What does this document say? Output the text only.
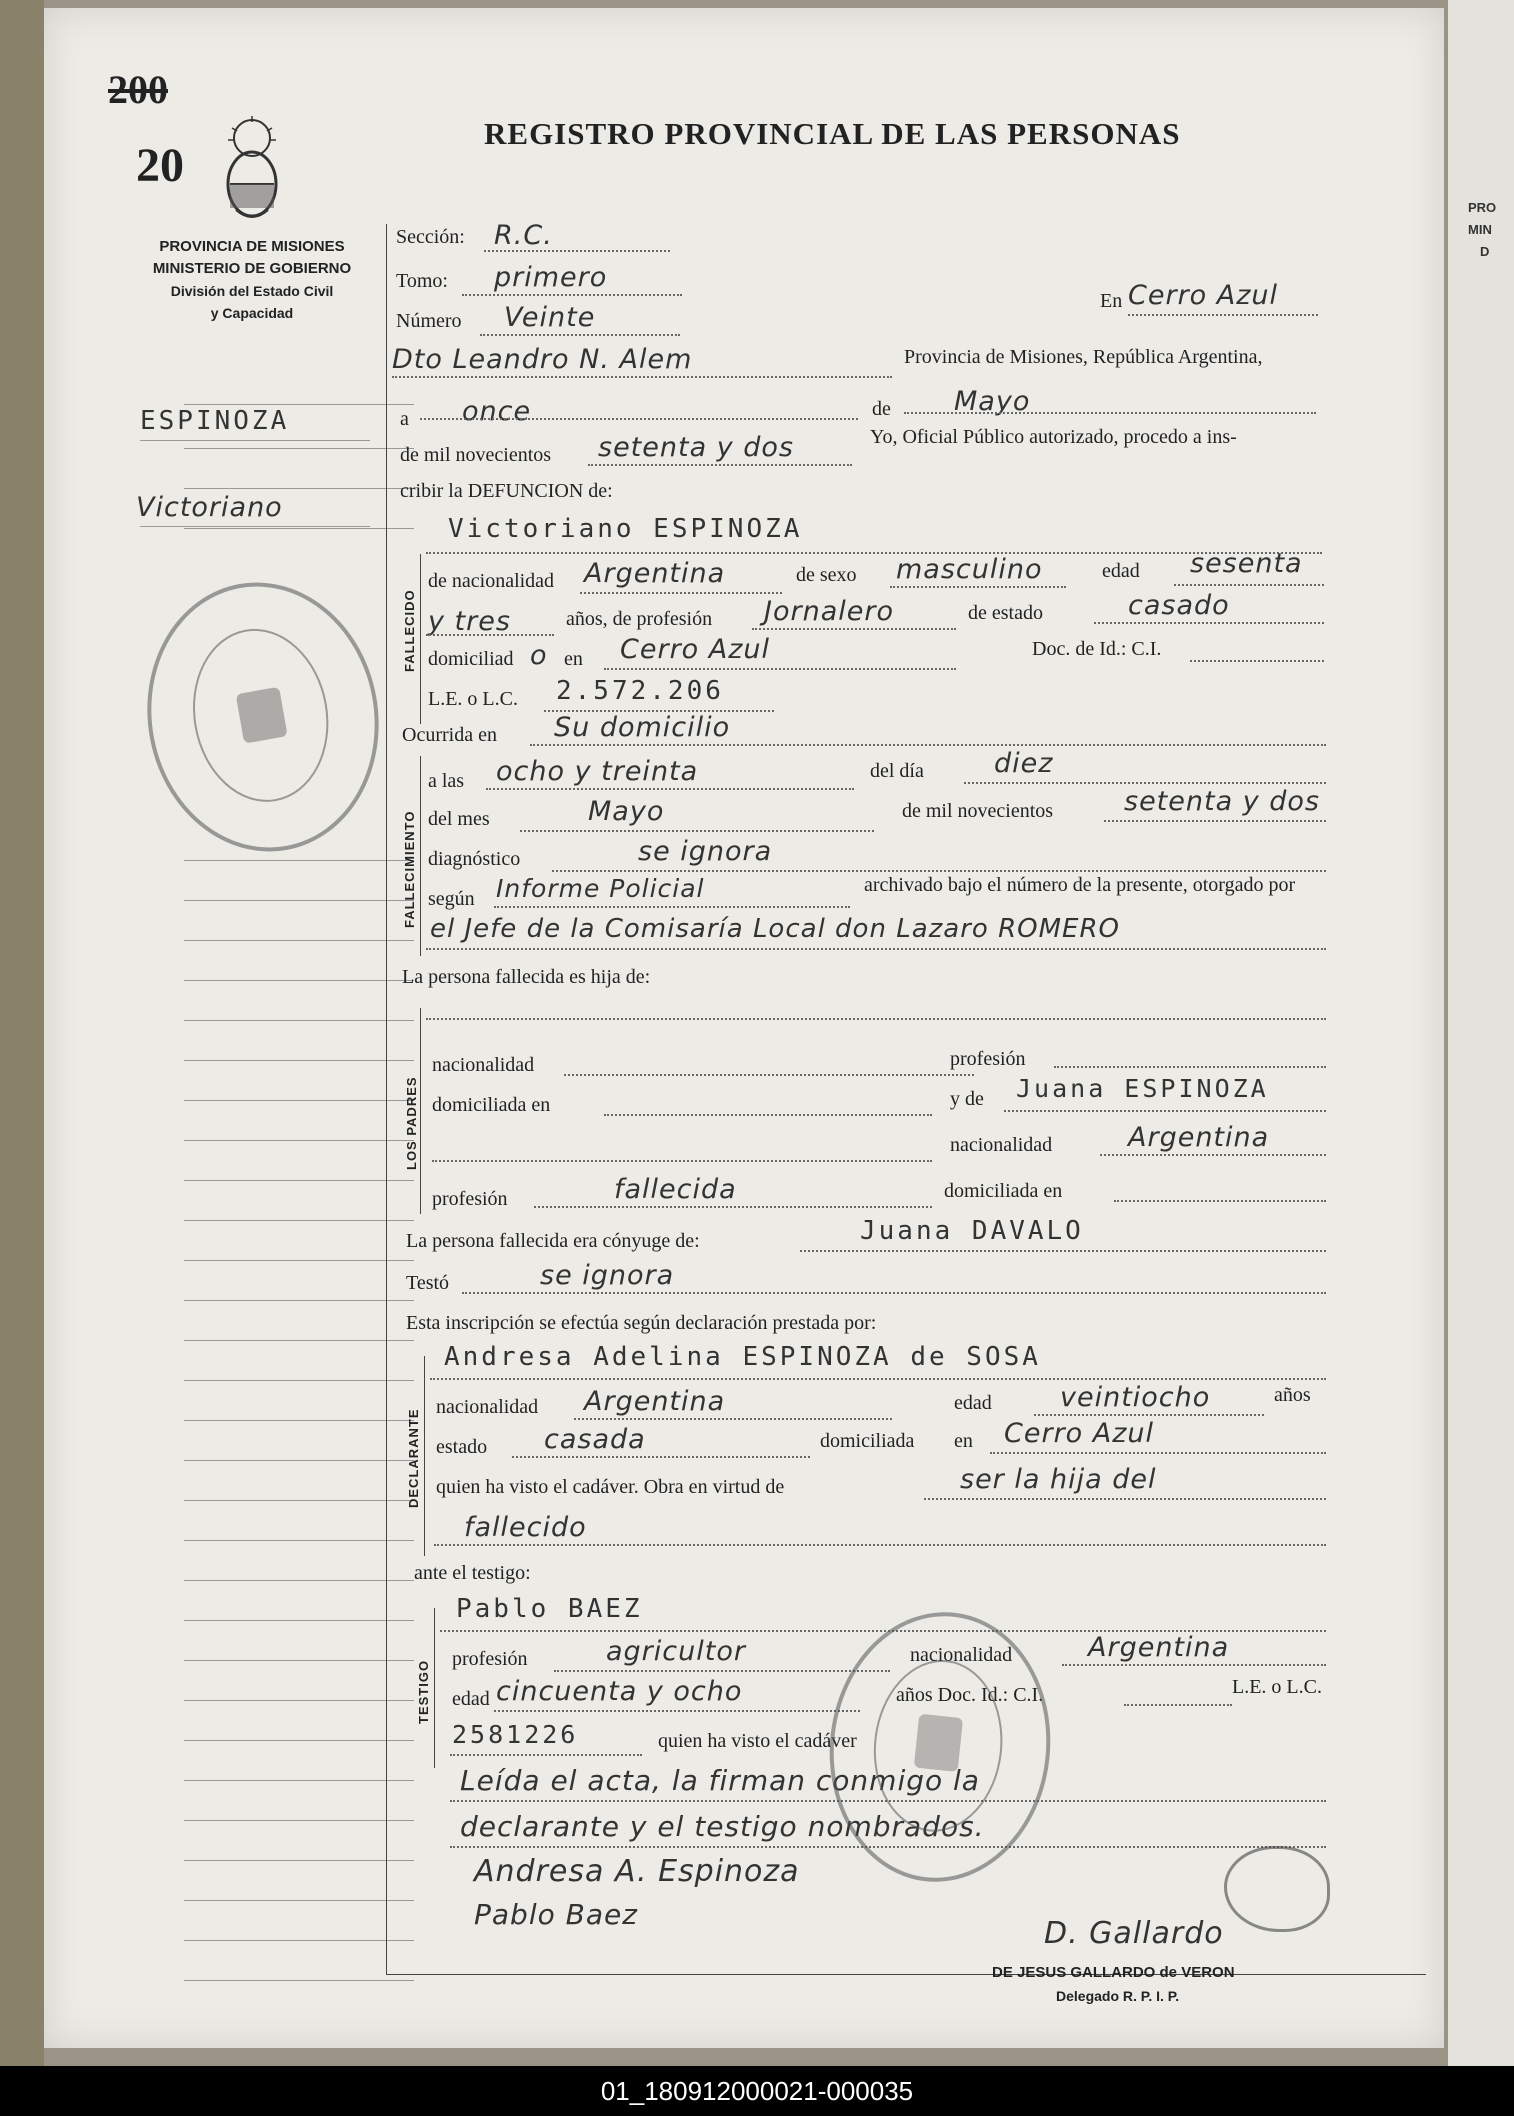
PRO
MIN
D
200
20
REGISTRO PROVINCIAL DE LAS PERSONAS
PROVINCIA DE MISIONES
MINISTERIO DE GOBIERNO
División del Estado Civil
y Capacidad
ESPINOZA
Victoriano
Sección: R.C.
Tomo: primero
Número Veinte
En Cerro Azul
Dto Leandro N. Alem	Provincia de Misiones, República Argentina,
a once	de Mayo
de mil novecientos setenta y dos	Yo, Oficial Público autorizado, procedo a ins-
cribir la DEFUNCION de:
FALLECIDO
Victoriano ESPINOZA
de nacionalidad Argentina	de sexo masculino	edad sesenta
y tres	años, de profesión Jornalero	de estado	casado
domiciliad o en Cerro Azul	Doc. de Id.: C.I.
L.E. o L.C. 2.572.206
Ocurrida en Su domicilio
FALLECIMIENTO
a las ocho y treinta	del día	diez
del mes	Mayo	de mil novecientos	setenta y dos
diagnóstico	se ignora
según Informe Policial	archivado bajo el número de la presente, otorgado por
el Jefe de la Comisaría Local don Lazaro ROMERO
La persona fallecida es hija de:
LOS PADRES
nacionalidad	profesión
domiciliada en	y de Juana ESPINOZA
nacionalidad	Argentina
profesión	fallecida	domiciliada en
La persona fallecida era cónyuge de:	Juana DAVALO
Testó	se ignora
Esta inscripción se efectúa según declaración prestada por:
DECLARANTE
Andresa Adelina ESPINOZA de SOSA
nacionalidad Argentina	edad	veintiocho	años
estado casada	domiciliada en Cerro Azul
quien ha visto el cadáver. Obra en virtud de	ser la hija del
fallecido
ante el testigo:
TESTIGO
Pablo BAEZ
profesión	agricultor	nacionalidad	Argentina
edad cincuenta y ocho	años Doc. Id.: C.I.	L.E. o L.C.
2581226	quien ha visto el cadáver
Leída el acta, la firman conmigo la
declarante y el testigo nombrados.
Andresa A. Espinoza
Pablo Baez
D. Gallardo
DE JESUS GALLARDO de VERON
Delegado R. P. I. P.
01_180912000021-000035
